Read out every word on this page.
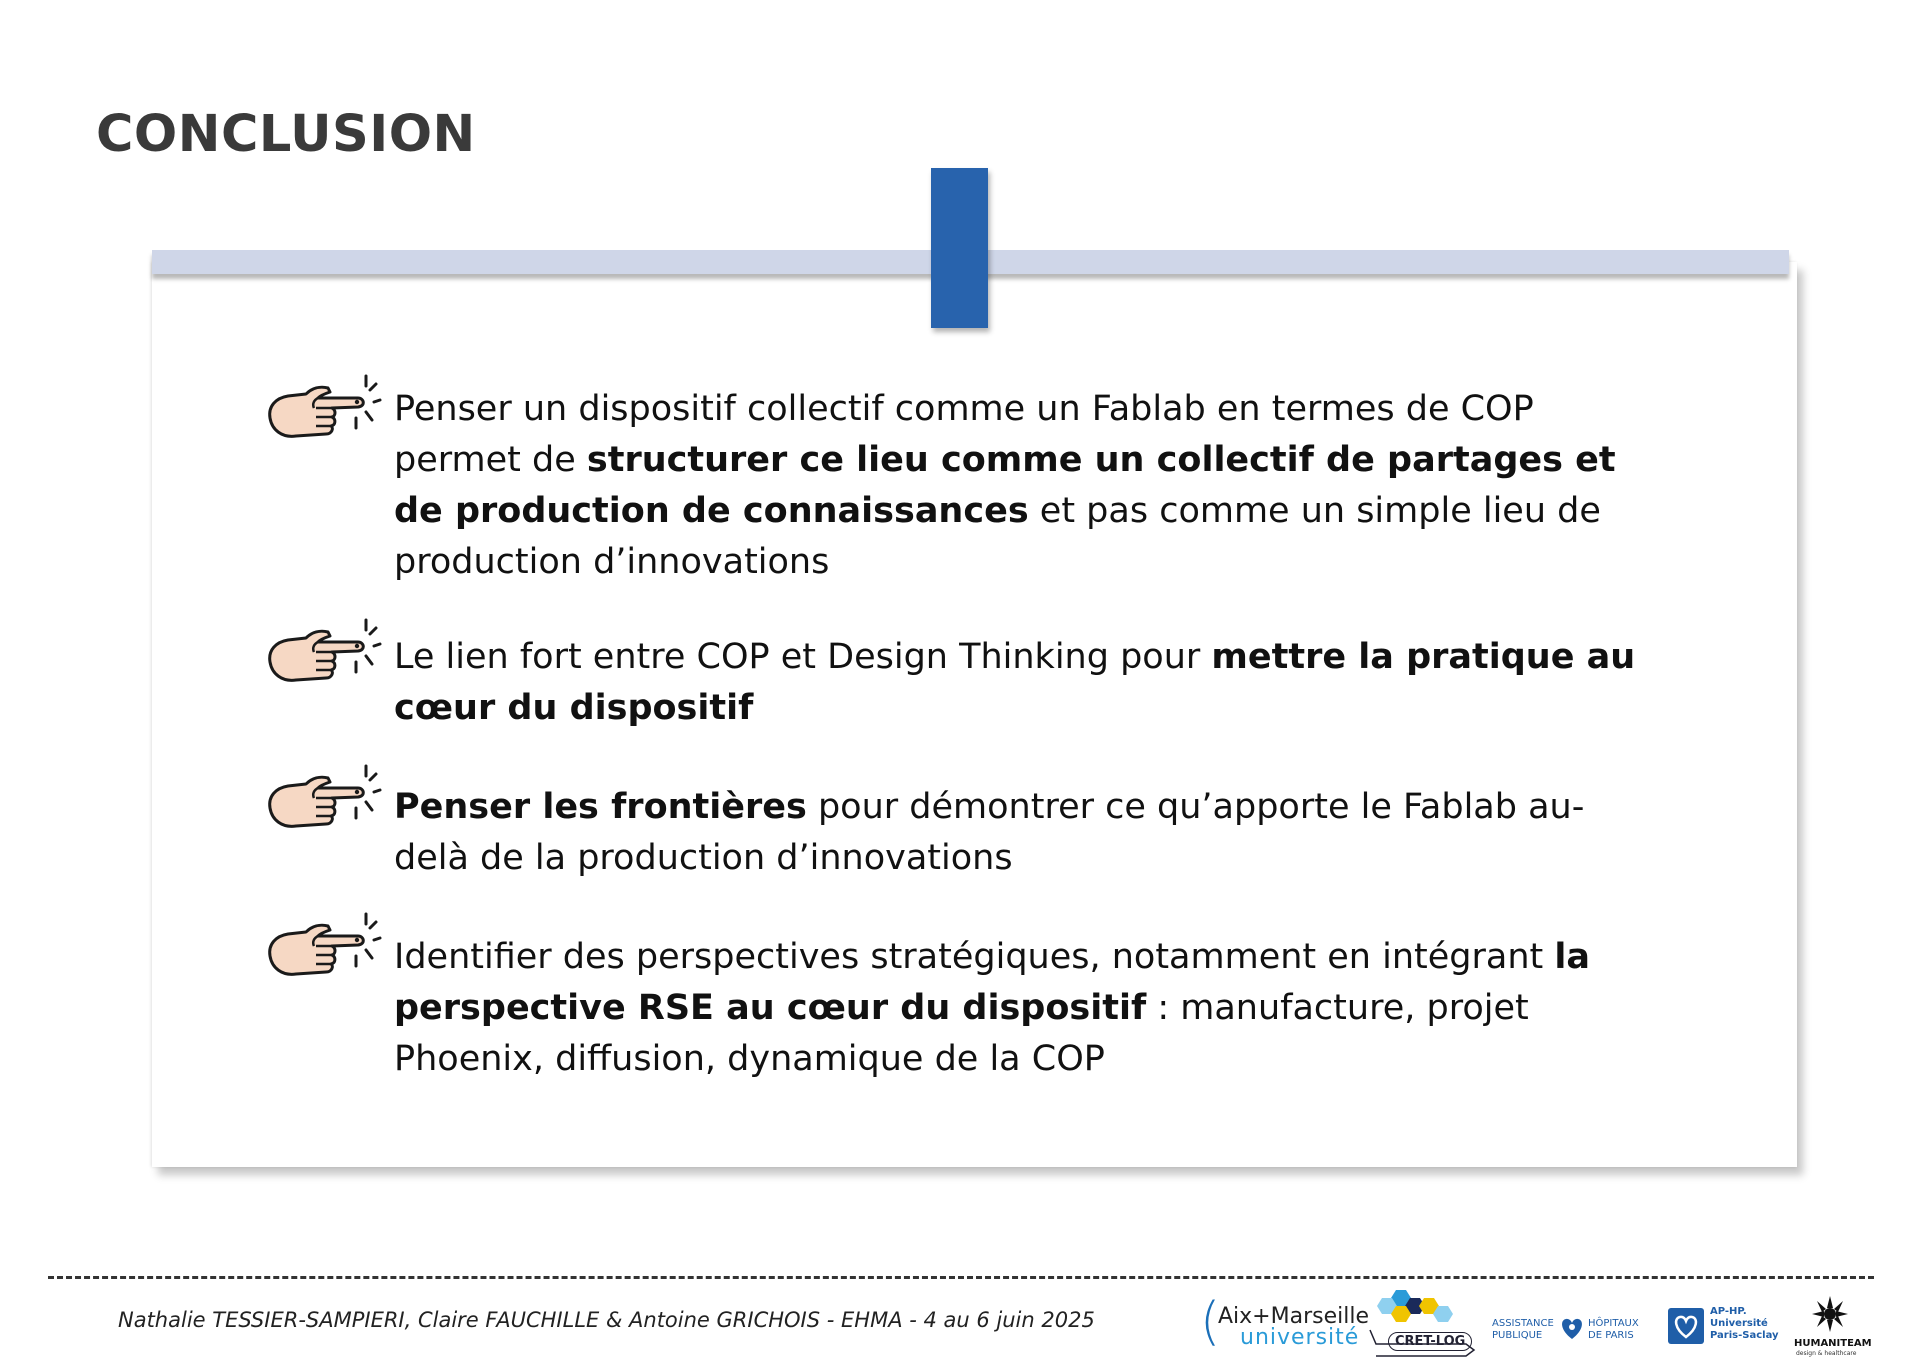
CONCLUSION
Penser un dispositif collectif comme un Fablab en termes de COP permet de structurer ce lieu comme un collectif de partages et de production de connaissances et pas comme un simple lieu de production d’innovations
Le lien fort entre COP et Design Thinking pour mettre la pratique au cœur du dispositif
Penser les frontières pour démontrer ce qu’apporte le Fablab au-delà de la production d’innovations
Identifier des perspectives stratégiques, notamment en intégrant la perspective RSE au cœur du dispositif : manufacture, projet Phoenix, diffusion, dynamique de la COP
Nathalie TESSIER-SAMPIERI, Claire FAUCHILLE & Antoine GRICHOIS - EHMA - 4 au 6 juin 2025 (
Aix+Marseille
université	CRET-LOG
ASSISTANCE
PUBLIQUE
HÔPITAUX
DE PARIS
AP-HP.
Université
Paris-Saclay
HUMANITEAM
design & healthcare
